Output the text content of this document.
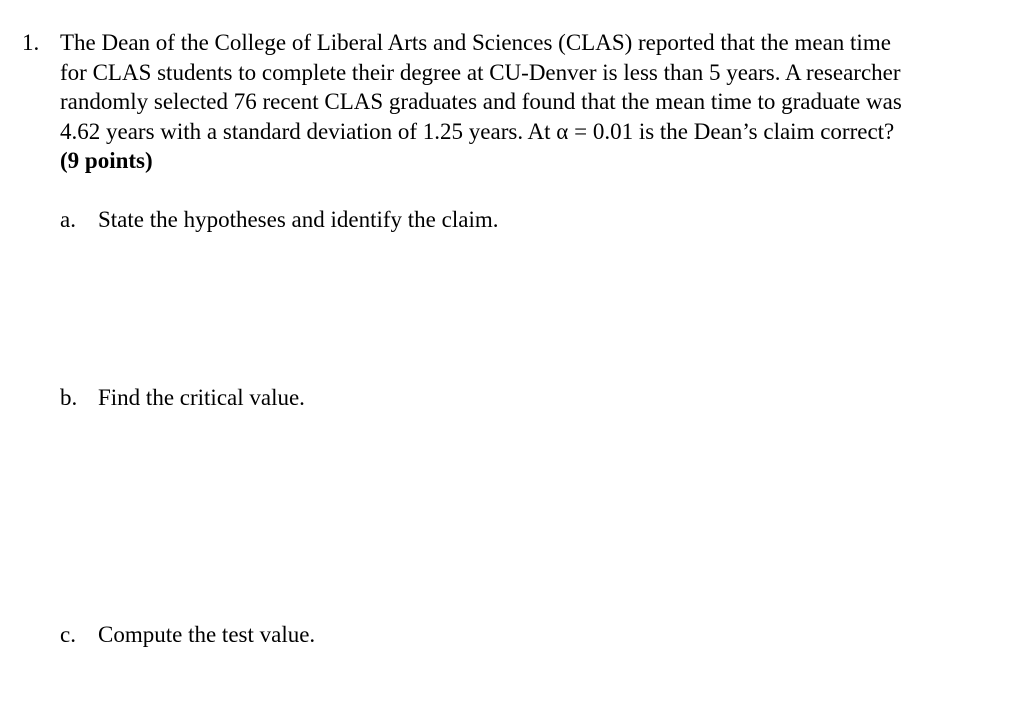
1. The Dean of the College of Liberal Arts and Sciences (CLAS) reported that the mean time
for CLAS students to complete their degree at CU-Denver is less than 5 years. A researcher
randomly selected 76 recent CLAS graduates and found that the mean time to graduate was
4.62 years with a standard deviation of 1.25 years. At α = 0.01 is the Dean’s claim correct?
(9 points)
a. State the hypotheses and identify the claim.
b. Find the critical value.
c. Compute the test value.
